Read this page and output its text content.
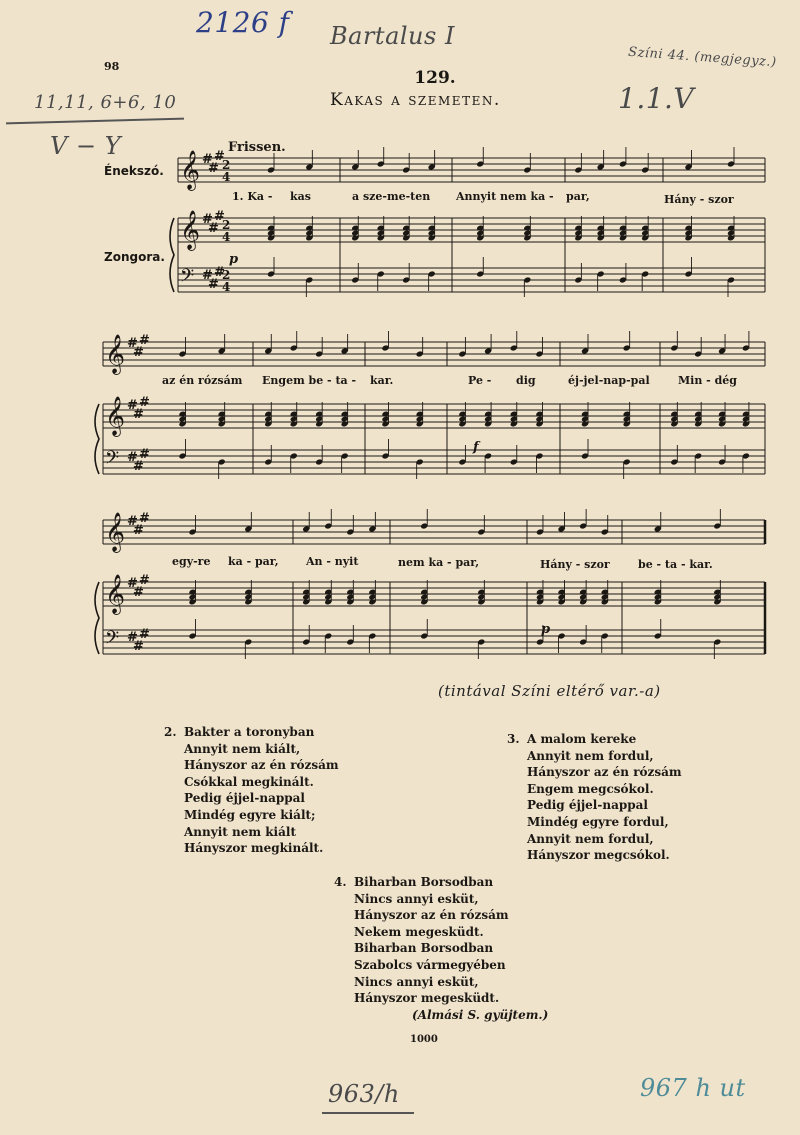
2126 f Bartalus I
Színi 44. (megjegyz.)
1.1.V
11,11, 6+6, 10
V − Y
98
129.
Kakas a szemeten.
Frissen.
Énekszó.
Zongora.
𝄞 #
#
#
𝄞 #
#
#
𝄢 #
#
#
2
4
2
4
2
4
𝄞 #
#
#
𝄞 #
#
#
𝄢 #
#
#
𝄞 #
#
#
𝄞 #
#
#
𝄢 #
#
#
p
f
p
1. Ka - kas	a sze-me-ten Annyit nem ka - par,	Hány - szor
az én rózsám Engem be - ta - kar.	Pe - dig	éj-jel-nap-pal	Min - dég
egy-re ka - par, An - nyit	nem ka - par,	Hány - szor	be - ta - kar.
(tintával Színi eltérő var.-a)
2. Bakter a toronyban
Annyit nem kiált,
Hányszor az én rózsám
Csókkal megkinált.
Pedig éjjel-nappal
Mindég egyre kiált;
Annyit nem kiált
Hányszor megkinált.
3. A malom kereke
Annyit nem fordul,
Hányszor az én rózsám
Engem megcsókol.
Pedig éjjel-nappal
Mindég egyre fordul,
Annyit nem fordul,
Hányszor megcsókol.
4. Biharban Borsodban
Nincs annyi esküt,
Hányszor az én rózsám
Nekem megesküdt.
Biharban Borsodban
Szabolcs vármegyében
Nincs annyi esküt,
Hányszor megesküdt.
(Almási S. gyüjtem.)
1000
963/h	967 h ut
